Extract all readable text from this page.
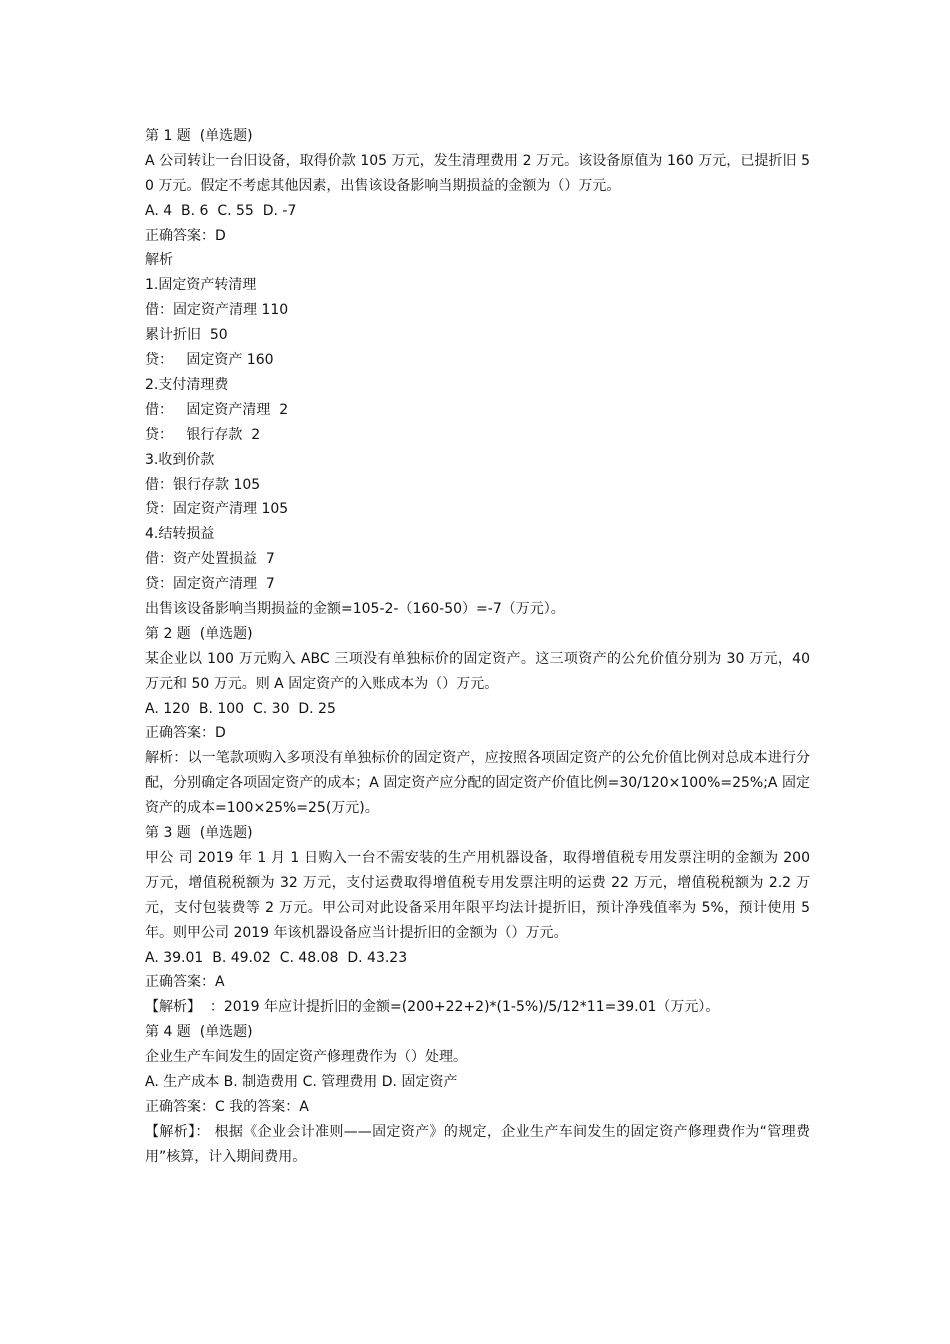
第 1 题  (单选题)
A 公司转让一台旧设备，取得价款 105 万元，发生清理费用 2 万元。该设备原值为 160 万元，已提折旧 50 万元。假定不考虑其他因素，出售该设备影响当期损益的金额为（）万元。
A. 4  B. 6  C. 55  D. -7
正确答案：D
解析
1.固定资产转清理
借：固定资产清理 110
累计折旧  50
贷：   固定资产 160
2.支付清理费
借：   固定资产清理  2
贷：   银行存款  2
3.收到价款
借：银行存款 105
贷：固定资产清理 105
4.结转损益
借：资产处置损益  7
贷：固定资产清理  7
出售该设备影响当期损益的金额=105-2-（160-50）=-7（万元）。
第 2 题  (单选题)
某企业以 100 万元购入 ABC 三项没有单独标价的固定资产。这三项资产的公允价值分别为 30 万元，40 万元和 50 万元。则 A 固定资产的入账成本为（）万元。
A. 120  B. 100  C. 30  D. 25
正确答案：D
解析：以一笔款项购入多项没有单独标价的固定资产，应按照各项固定资产的公允价值比例对总成本进行分配，分别确定各项固定资产的成本；A 固定资产应分配的固定资产价值比例=30/120×100%=25%;A 固定资产的成本=100×25%=25(万元)。
第 3 题  (单选题)
甲公 司 2019 年 1 月 1 日购入一台不需安装的生产用机器设备，取得增值税专用发票注明的金额为 200 万元，增值税税额为 32 万元，支付运费取得增值税专用发票注明的运费 22 万元，增值税税额为 2.2 万元，支付包装费等 2 万元。甲公司对此设备采用年限平均法计提折旧，预计净残值率为 5%，预计使用 5 年。则甲公司 2019 年该机器设备应当计提折旧的金额为（）万元。
A. 39.01  B. 49.02  C. 48.08  D. 43.23
正确答案：A
【解析】  ：2019 年应计提折旧的金额=(200+22+2)*(1-5%)/5/12*11=39.01（万元）。
第 4 题  (单选题)
企业生产车间发生的固定资产修理费作为（）处理。
A. 生产成本 B. 制造费用 C. 管理费用 D. 固定资产
正确答案：C 我的答案：A
【解析】： 根据《企业会计准则——固定资产》的规定，企业生产车间发生的固定资产修理费作为“管理费用”核算，计入期间费用。
